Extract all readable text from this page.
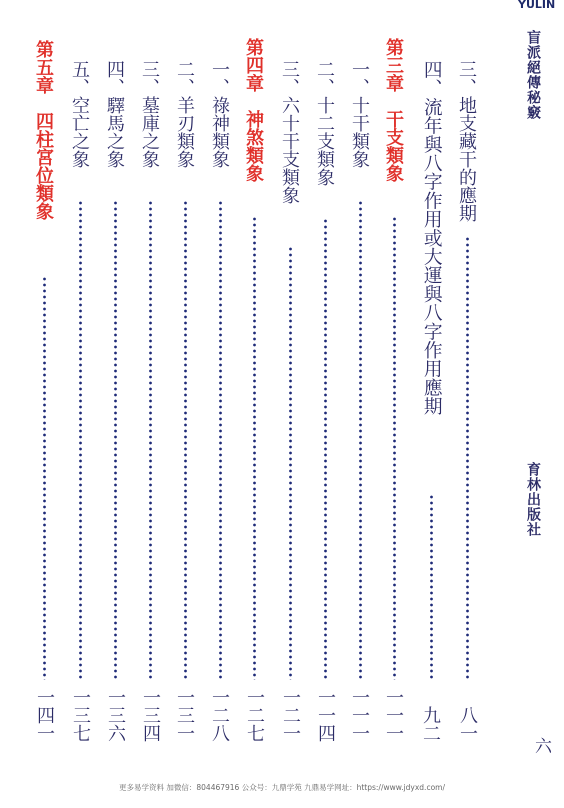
YULIN
盲派絕傳秘竅
育林出版社
六
三、地支藏干的應期
八一
四、流年與八字作用或大運與八字作用應期
九二
第三章　干支類象
一一一
一、十干類象
一一一
二、十二支類象
一一四
三、六十干支類象
一二一
第四章　神煞類象
一二七
一、祿神類象
一二八
二、羊刃類象
一三一
三、墓庫之象
一三四
四、驛馬之象
一三六
五、空亡之象
一三七
第五章　四柱宮位類象
一四一
更多易学资料 加微信：804467916 公众号：九鼎学苑 九鼎易学网址：https://www.jdyxd.com/
